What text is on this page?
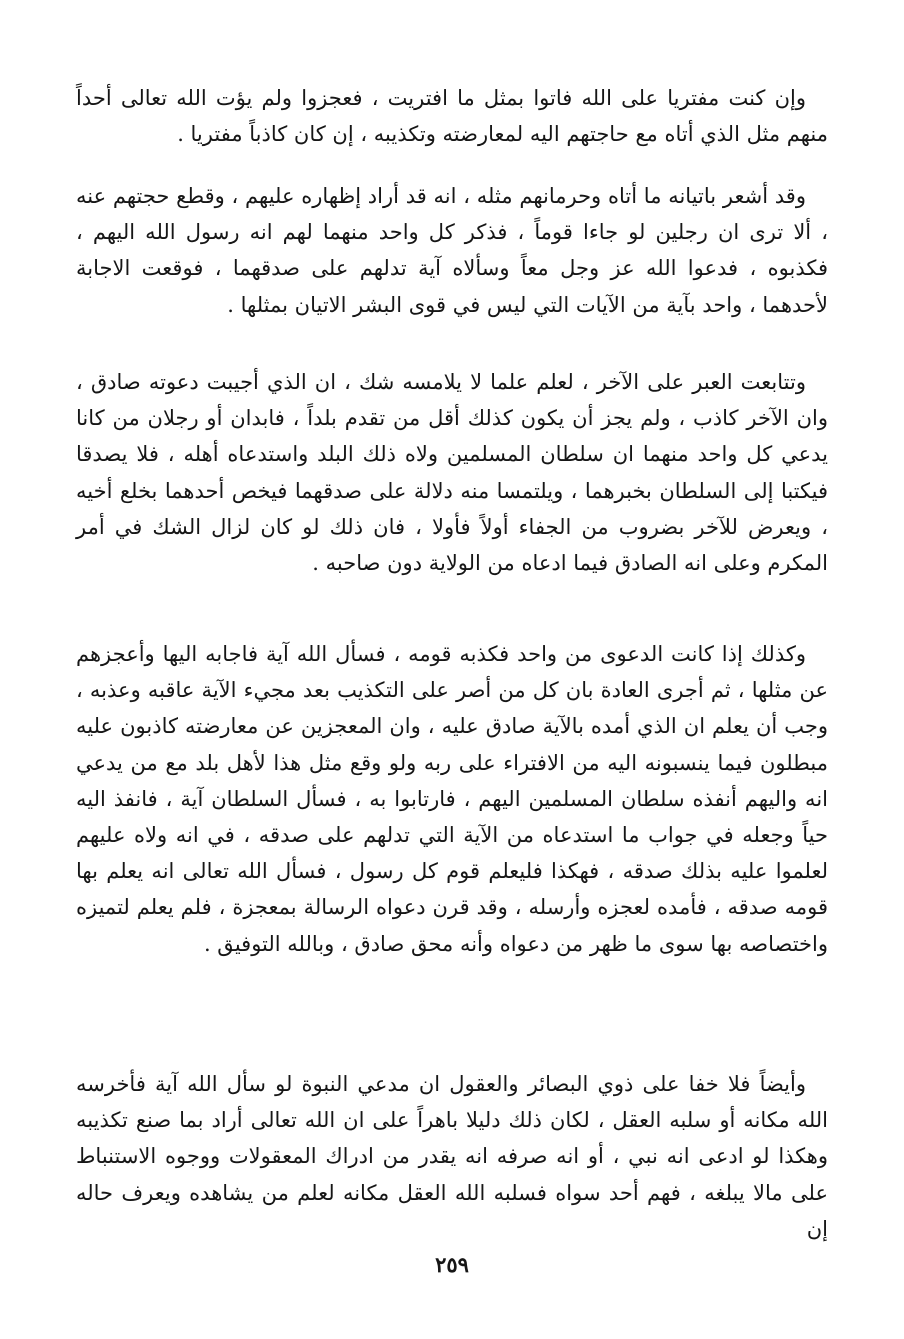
وإن كنت مفتريا على الله فاتوا بمثل ما افتريت ، فعجزوا ولم يؤت الله تعالى أحداً منهم مثل الذي أتاه مع حاجتهم اليه لمعارضته وتكذيبه ، إن كان كاذباً مفتريا .

وقد أشعر باتيانه ما أتاه وحرمانهم مثله ، انه قد أراد إظهاره عليهم ، وقطع حجتهم عنه ، ألا ترى ان رجلين لو جاءا قوماً ، فذكر كل واحد منهما لهم انه رسول الله اليهم ، فكذبوه ، فدعوا الله عز وجل معاً وسألاه آية تدلهم على صدقهما ، فوقعت الاجابة لأحدهما ، واحد بآية من الآيات التي ليس في قوى البشر الاتيان بمثلها .

وتتابعت العبر على الآخر ، لعلم علما لا يلامسه شك ، ان الذي أجيبت دعوته صادق ، وان الآخر كاذب ، ولم يجز أن يكون كذلك أقل من تقدم بلداً ، فابدان أو رجلان من كانا يدعي كل واحد منهما ان سلطان المسلمين ولاه ذلك البلد واستدعاه أهله ، فلا يصدقا فيكتبا إلى السلطان بخبرهما ، ويلتمسا منه دلالة على صدقهما فيخص أحدهما بخلع أخيه ، ويعرض للآخر بضروب من الجفاء أولاً فأولا ، فان ذلك لو كان لزال الشك في أمر المكرم وعلى انه الصادق فيما ادعاه من الولاية دون صاحبه .

وكذلك إذا كانت الدعوى من واحد فكذبه قومه ، فسأل الله آية فاجابه اليها وأعجزهم عن مثلها ، ثم أجرى العادة بان كل من أصر على التكذيب بعد مجيء الآية عاقبه وعذبه ، وجب أن يعلم ان الذي أمده بالآية صادق عليه ، وان المعجزين عن معارضته كاذبون عليه مبطلون فيما ينسبونه اليه من الافتراء على ربه ولو وقع مثل هذا لأهل بلد مع من يدعي انه واليهم أنفذه سلطان المسلمين اليهم ، فارتابوا به ، فسأل السلطان آية ، فانفذ اليه حياً وجعله في جواب ما استدعاه من الآية التي تدلهم على صدقه ، في انه ولاه عليهم لعلموا عليه بذلك صدقه ، فهكذا فليعلم قوم كل رسول ، فسأل الله تعالى انه يعلم بها قومه صدقه ، فأمده لعجزه وأرسله ، وقد قرن دعواه الرسالة بمعجزة ، فلم يعلم لتميزه واختصاصه بها سوى ما ظهر من دعواه وأنه محق صادق ، وبالله التوفيق .

وأيضاً فلا خفا على ذوي البصائر والعقول ان مدعي النبوة لو سأل الله آية فأخرسه الله مكانه أو سلبه العقل ، لكان ذلك دليلا باهراً على ان الله تعالى أراد بما صنع تكذيبه وهكذا لو ادعى انه نبي ، أو انه صرفه انه يقدر من ادراك المعقولات ووجوه الاستنباط على مالا يبلغه ، فهم أحد سواه فسلبه الله العقل مكانه لعلم من يشاهده ويعرف حاله إن

٢٥٩
